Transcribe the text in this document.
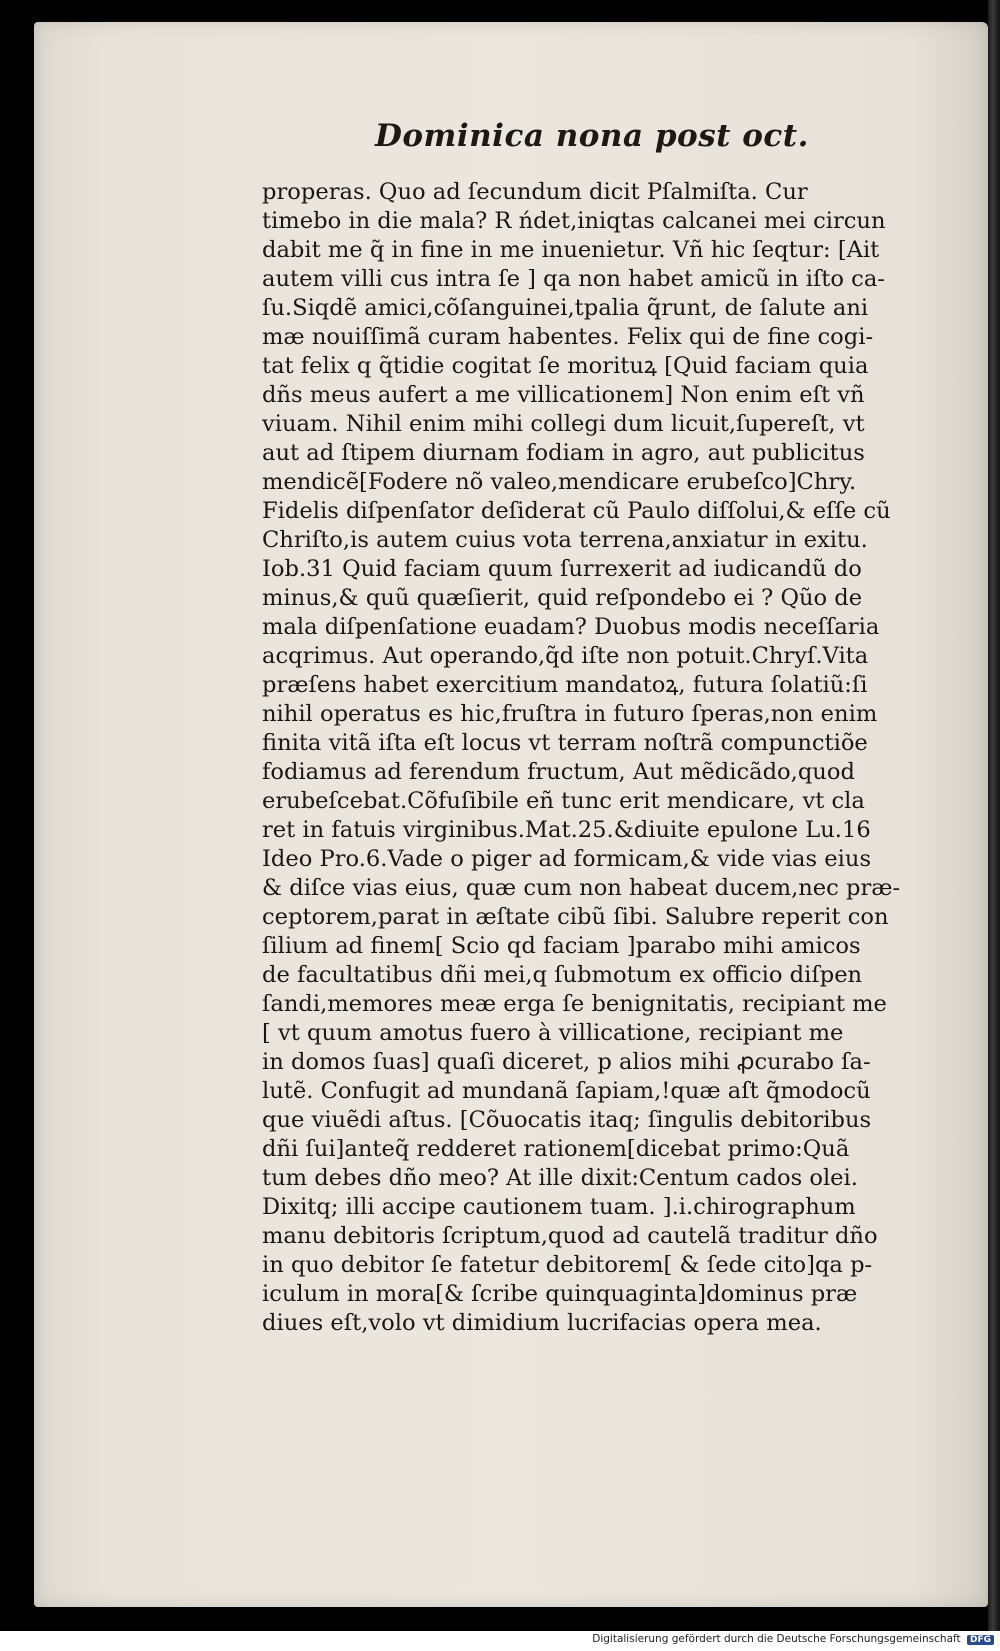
Dominica nona post oct.
properas. Quo ad ſecundum dicit Pſalmiſta. Cur
timebo in die mala? R ńdet,iniqtas calcanei mei circun
dabit me q̃ in fine in me inuenietur. Vñ hic ſeqtur: [Ait
autem villi cus intra ſe ] qa non habet amicũ in iſto ca-
ſu.Siqdẽ amici,cõſanguinei,tpalia q̃runt, de ſalute ani
mæ nouiſſimã curam habentes. Felix qui de fine cogi-
tat felix q q̃tidie cogitat ſe morituꝝ [Quid faciam quia
dñs meus aufert a me villicationem] Non enim eſt vñ
viuam. Nihil enim mihi collegi dum licuit,ſupereſt, vt
aut ad ſtipem diurnam fodiam in agro, aut publicitus
mendicẽ[Fodere nõ valeo,mendicare erubeſco]Chry.
Fidelis diſpenſator deſiderat cũ Paulo diſſolui,& eſſe cũ
Chriſto,is autem cuius vota terrena,anxiatur in exitu.
Iob.31 Quid faciam quum ſurrexerit ad iudicandũ do
minus,& quũ quæſierit, quid reſpondebo ei ? Qũo de
mala diſpenſatione euadam? Duobus modis neceſſaria
acqrimus. Aut operando,q̃d iſte non potuit.Chryſ.Vita
præſens habet exercitium mandatoꝝ, futura ſolatiũ:ſi
nihil operatus es hic,fruſtra in futuro ſperas,non enim
finita vitã iſta eſt locus vt terram noſtrã compunctiõe
fodiamus ad ferendum fructum, Aut mẽdicãdo,quod
erubeſcebat.Cõfuſibile eñ tunc erit mendicare, vt cla
ret in fatuis virginibus.Mat.25.&diuite epulone Lu.16
Ideo Pro.6.Vade o piger ad formicam,& vide vias eius
& diſce vias eius, quæ cum non habeat ducem,nec præ-
ceptorem,parat in æſtate cibũ ſibi. Salubre reperit con
ſilium ad finem[ Scio qd faciam ]parabo mihi amicos
de facultatibus dñi mei,q ſubmotum ex officio diſpen
ſandi,memores meæ erga ſe benignitatis, recipiant me
[ vt quum amotus fuero à villicatione, recipiant me
in domos ſuas] quaſi diceret, p alios mihi ꝓcurabo ſa-
lutẽ. Confugit ad mundanã ſapiam,!quæ aſt q̃modocũ
que viuẽdi aſtus. [Cõuocatis itaq; ſingulis debitoribus
dñi ſui]anteq̃ redderet rationem[dicebat primo:Quã
tum debes dño meo? At ille dixit:Centum cados olei.
Dixitq; illi accipe cautionem tuam. ].i.chirographum
manu debitoris ſcriptum,quod ad cautelã traditur dño
in quo debitor ſe fatetur debitorem[ & ſede cito]qa p-
iculum in mora[& ſcribe quinquaginta]dominus præ
diues eſt,volo vt dimidium lucrifacias opera mea.
Digitalisierung gefördert durch die Deutsche Forschungsgemeinschaft DFG
